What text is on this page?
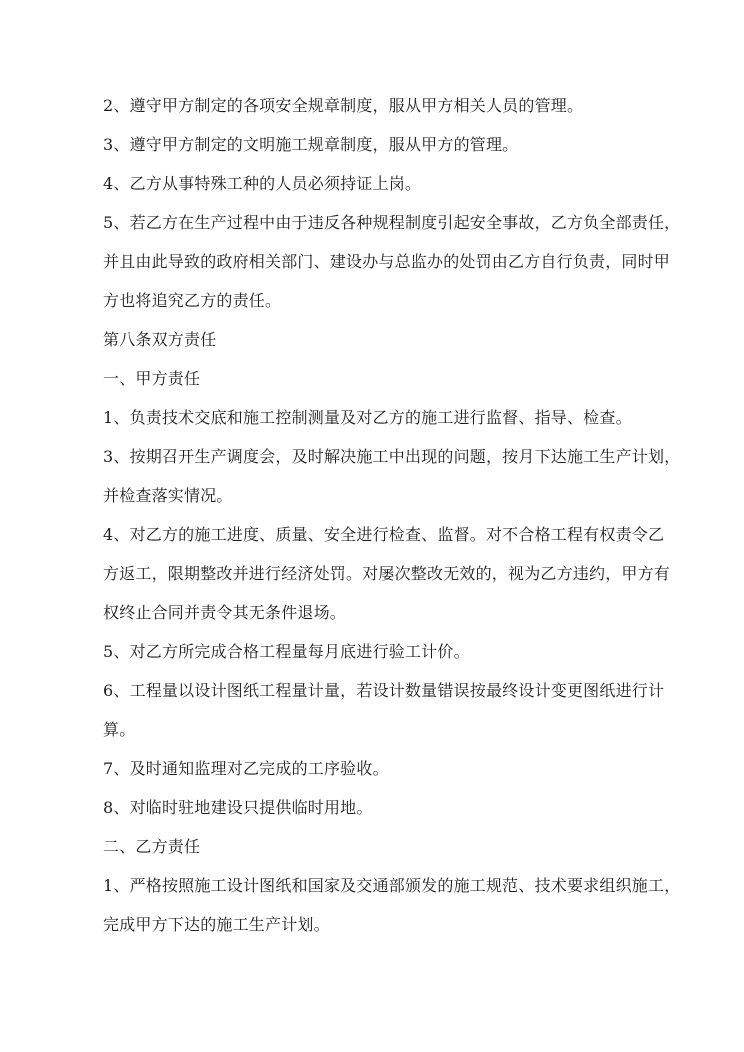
2、遵守甲方制定的各项安全规章制度，服从甲方相关人员的管理。
3、遵守甲方制定的文明施工规章制度，服从甲方的管理。
4、乙方从事特殊工种的人员必须持证上岗。
5、若乙方在生产过程中由于违反各种规程制度引起安全事故，乙方负全部责任，
并且由此导致的政府相关部门、建设办与总监办的处罚由乙方自行负责，同时甲
方也将追究乙方的责任。
第八条双方责任
一、甲方责任
1、负责技术交底和施工控制测量及对乙方的施工进行监督、指导、检查。
3、按期召开生产调度会，及时解决施工中出现的问题，按月下达施工生产计划，
并检查落实情况。
4、对乙方的施工进度、质量、安全进行检查、监督。对不合格工程有权责令乙
方返工，限期整改并进行经济处罚。对屡次整改无效的，视为乙方违约，甲方有
权终止合同并责令其无条件退场。
5、对乙方所完成合格工程量每月底进行验工计价。
6、工程量以设计图纸工程量计量，若设计数量错误按最终设计变更图纸进行计
算。
7、及时通知监理对乙完成的工序验收。
8、对临时驻地建设只提供临时用地。
二、乙方责任
1、严格按照施工设计图纸和国家及交通部颁发的施工规范、技术要求组织施工，
完成甲方下达的施工生产计划。
